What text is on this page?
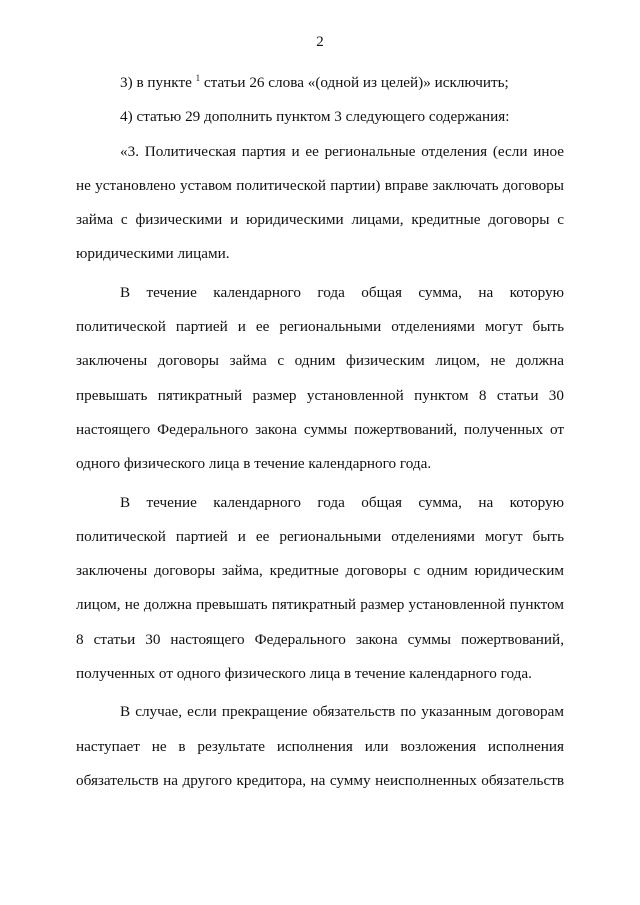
2

3) в пункте $^1$ статьи 26 слова «(одной из целей)» исключить;

4) статью 29 дополнить пунктом 3 следующего содержания:

«3. Политическая партия и ее региональные отделения (если иное не установлено уставом политической партии) вправе заключать договоры займа с физическими и юридическими лицами, кредитные договоры с юридическими лицами.

В течение календарного года общая сумма, на которую политической партией и ее региональными отделениями могут быть заключены договоры займа с одним физическим лицом, не должна превышать пятикратный размер установленной пунктом 8 статьи 30 настоящего Федерального закона суммы пожертвований, полученных от одного физического лица в течение календарного года.

В течение календарного года общая сумма, на которую политической партией и ее региональными отделениями могут быть заключены договоры займа, кредитные договоры с одним юридическим лицом, не должна превышать пятикратный размер установленной пунктом 8 статьи 30 настоящего Федерального закона суммы пожертвований, полученных от одного физического лица в течение календарного года.

В случае, если прекращение обязательств по указанным договорам наступает не в результате исполнения или возложения исполнения обязательств на другого кредитора, на сумму неисполненных обязательств
